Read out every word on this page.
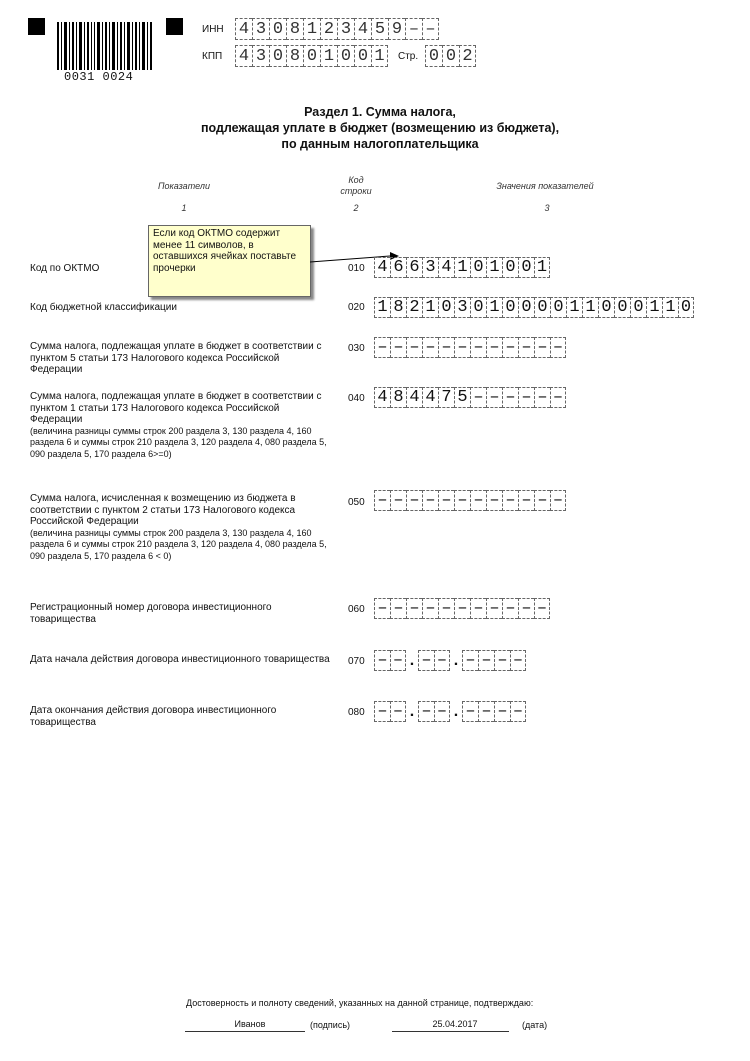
0031 0024
ИНН 4 3 0 8 1 2 3 4 5 9 – –
КПП 4 3 0 8 0 1 0 0 1	Стр. 0 0 2
Раздел 1. Сумма налога,
подлежащая уплате в бюджет (возмещению из бюджета),
по данным налогоплательщика
Показатели
1
Код строки
2
Значения показателей
3
Если код ОКТМО содержит менее 11 символов, в оставшихся ячейках поставьте прочерки
Код по ОКТМО	010 4 6 6 3 4 1 0 1 0 0 1
Код бюджетной классификации	020 1 8 2 1 0 3 0 1 0 0 0 0 1 1 0 0 0 1 1 0
Сумма налога, подлежащая уплате в бюджет в соответствии с пунктом 5 статьи 173 Налогового кодекса Российской Федерации
030 – – – – – – – – – – – –
Сумма налога, подлежащая уплате в бюджет в соответствии с пунктом 1 статьи 173 Налогового кодекса Российской Федерации
(величина разницы суммы строк 200 раздела 3, 130 раздела 4, 160 раздела 6 и суммы строк 210 раздела 3, 120 раздела 4, 080 раздела 5, 090 раздела 5, 170 раздела 6>=0)
040 4 8 4 4 7 5 – – – – – –
Сумма налога, исчисленная к возмещению из бюджета в соответствии с пунктом 2 статьи 173 Налогового кодекса Российской Федерации
(величина разницы суммы строк 200 раздела 3, 130 раздела 4, 160 раздела 6 и суммы строк 210 раздела 3, 120 раздела 4, 080 раздела 5, 090 раздела 5, 170 раздела 6 < 0)
050 – – – – – – – – – – – –
Регистрационный номер договора инвестиционного товарищества
060 – – – – – – – – – – –
Дата начала действия договора инвестиционного товарищества 070 – – . – – . – – – –
Дата окончания действия договора инвестиционного товарищества
080 – – . – – . – – – –
Достоверность и полноту сведений, указанных на данной странице, подтверждаю:
Иванов	(подпись)	25.04.2017	(дата)
